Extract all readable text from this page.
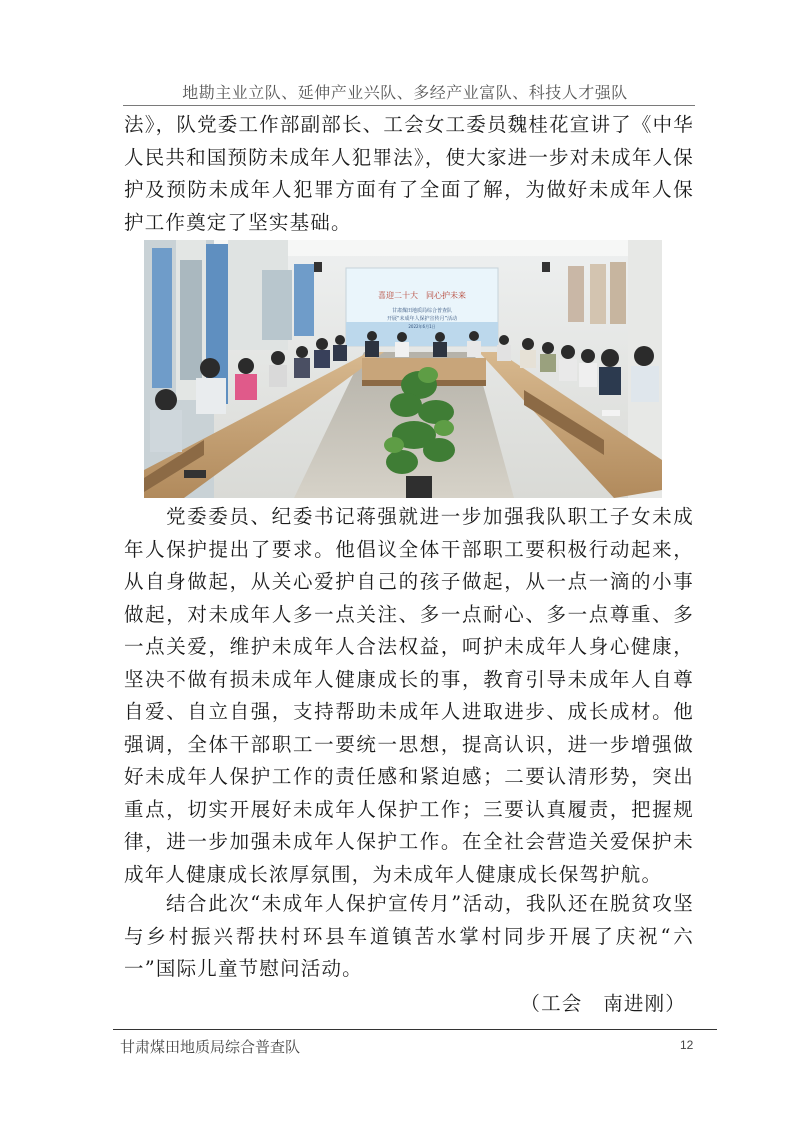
地勘主业立队、延伸产业兴队、多经产业富队、科技人才强队

法》，队党委工作部副部长、工会女工委员魏桂花宣讲了《中华人民共和国预防未成年人犯罪法》，使大家进一步对未成年人保护及预防未成年人犯罪方面有了全面了解，为做好未成年人保护工作奠定了坚实基础。

喜迎二十大　同心护未来
甘肃煤田地质局综合普查队
开展“未成年人保护宣传月”活动
2022年6月1日

党委委员、纪委书记蒋强就进一步加强我队职工子女未成年人保护提出了要求。他倡议全体干部职工要积极行动起来，从自身做起，从关心爱护自己的孩子做起，从一点一滴的小事做起，对未成年人多一点关注、多一点耐心、多一点尊重、多一点关爱，维护未成年人合法权益，呵护未成年人身心健康，坚决不做有损未成年人健康成长的事，教育引导未成年人自尊自爱、自立自强，支持帮助未成年人进取进步、成长成材。他强调，全体干部职工一要统一思想，提高认识，进一步增强做好未成年人保护工作的责任感和紧迫感；二要认清形势，突出重点，切实开展好未成年人保护工作；三要认真履责，把握规律，进一步加强未成年人保护工作。在全社会营造关爱保护未成年人健康成长浓厚氛围，为未成年人健康成长保驾护航。

结合此次“未成年人保护宣传月”活动，我队还在脱贫攻坚与乡村振兴帮扶村环县车道镇苦水掌村同步开展了庆祝“六一”国际儿童节慰问活动。

（工会　南进刚）
甘肃煤田地质局综合普查队	12
